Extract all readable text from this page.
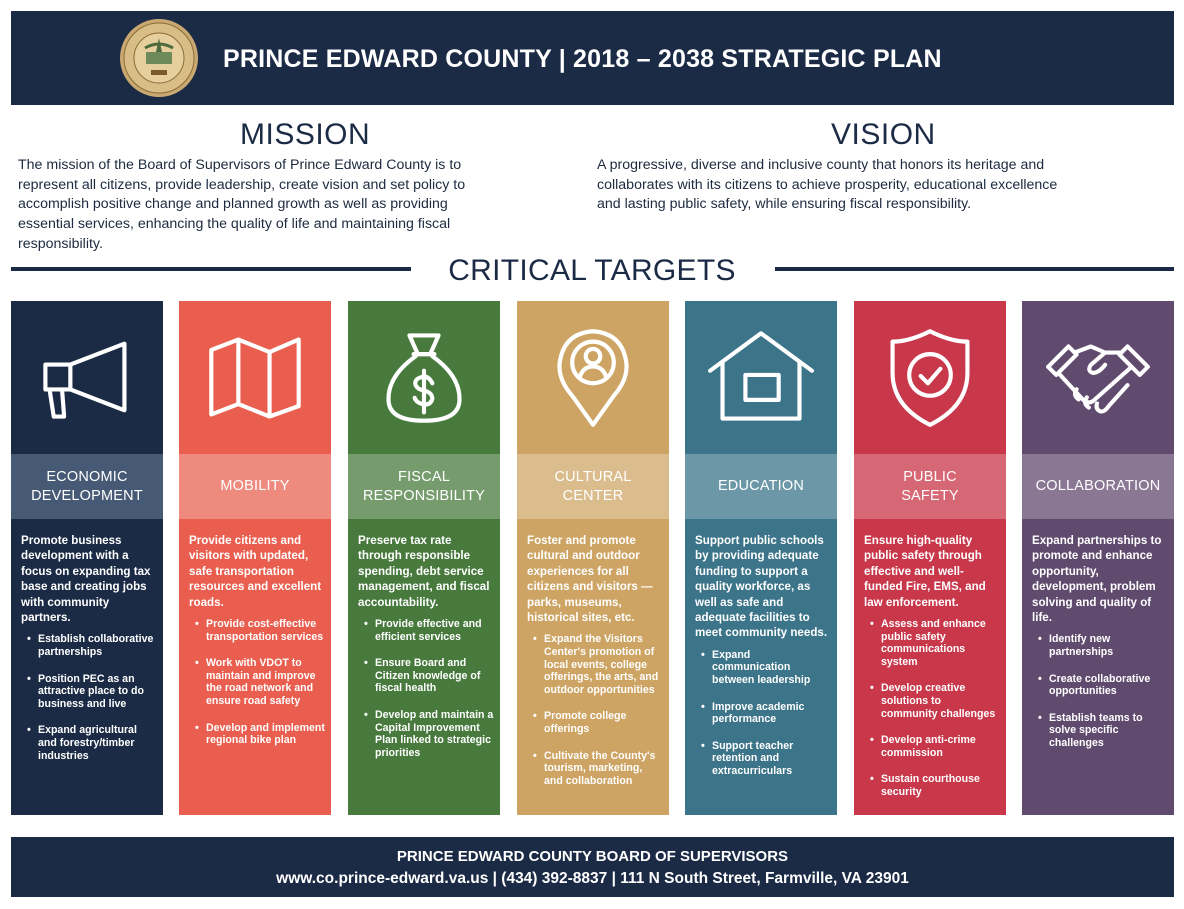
PRINCE EDWARD COUNTY | 2018 – 2038 STRATEGIC PLAN
MISSION
The mission of the Board of Supervisors of Prince Edward County is to represent all citizens, provide leadership, create vision and set policy to accomplish positive change and planned growth as well as providing essential services, enhancing the quality of life and maintaining fiscal responsibility.
VISION
A progressive, diverse and inclusive county that honors its heritage and collaborates with its citizens to achieve prosperity, educational excellence and lasting public safety, while ensuring fiscal responsibility.
CRITICAL TARGETS
ECONOMIC
DEVELOPMENT
Promote business development with a focus on expanding tax base and creating jobs with community partners.
• Establish collaborative partnerships
• Position PEC as an attractive place to do business and live
• Expand agricultural and forestry/timber industries
MOBILITY
Provide citizens and visitors with updated, safe transportation resources and excellent roads.
• Provide cost-effective transportation services
• Work with VDOT to maintain and improve the road network and ensure road safety
• Develop and implement regional bike plan
FISCAL
RESPONSIBILITY
Preserve tax rate through responsible spending, debt service management, and fiscal accountability.
• Provide effective and efficient services
• Ensure Board and Citizen knowledge of fiscal health
• Develop and maintain a Capital Improvement Plan linked to strategic priorities
CULTURAL
CENTER
Foster and promote cultural and outdoor experiences for all citizens and visitors — parks, museums, historical sites, etc.
• Expand the Visitors Center's promotion of local events, college offerings, the arts, and outdoor opportunities
• Promote college offerings
• Cultivate the County's tourism, marketing, and collaboration
EDUCATION
Support public schools by providing adequate funding to support a quality workforce, as well as safe and adequate facilities to meet community needs.
• Expand communication between leadership
• Improve academic performance
• Support teacher retention and extracurriculars
PUBLIC
SAFETY
Ensure high-quality public safety through effective and well-funded Fire, EMS, and law enforcement.
• Assess and enhance public safety communications system
• Develop creative solutions to community challenges
• Develop anti-crime commission
• Sustain courthouse security
COLLABORATION
Expand partnerships to promote and enhance opportunity, development, problem solving and quality of life.
• Identify new partnerships
• Create collaborative opportunities
• Establish teams to solve specific challenges
PRINCE EDWARD COUNTY BOARD OF SUPERVISORS
www.co.prince-edward.va.us | (434) 392-8837 | 111 N South Street, Farmville, VA 23901
